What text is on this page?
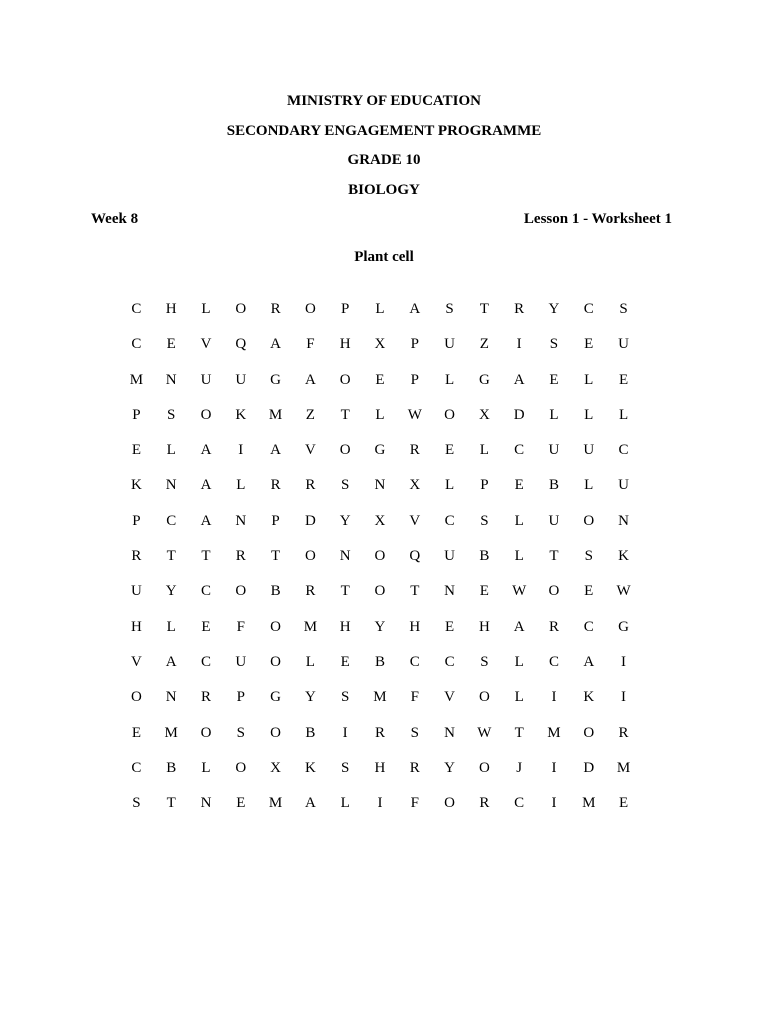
MINISTRY OF EDUCATION
SECONDARY ENGAGEMENT PROGRAMME
GRADE 10
BIOLOGY
Week 8	Lesson 1 - Worksheet 1
Plant cell
C	H	L	O	R	O	P	L	A	S	T	R	Y	C	S
C	E	V	Q	A	F	H	X	P	U	Z	I	S	E	U
M	N	U	U	G	A	O	E	P	L	G	A	E	L	E
P	S	O	K	M	Z	T	L	W	O	X	D	L	L	L
E	L	A	I	A	V	O	G	R	E	L	C	U	U	C
K	N	A	L	R	R	S	N	X	L	P	E	B	L	U
P	C	A	N	P	D	Y	X	V	C	S	L	U	O	N
R	T	T	R	T	O	N	O	Q	U	B	L	T	S	K
U	Y	C	O	B	R	T	O	T	N	E	W	O	E	W
H	L	E	F	O	M	H	Y	H	E	H	A	R	C	G
V	A	C	U	O	L	E	B	C	C	S	L	C	A	I
O	N	R	P	G	Y	S	M	F	V	O	L	I	K	I
E	M	O	S	O	B	I	R	S	N	W	T	M	O	R
C	B	L	O	X	K	S	H	R	Y	O	J	I	D	M
S	T	N	E	M	A	L	I	F	O	R	C	I	M	E
